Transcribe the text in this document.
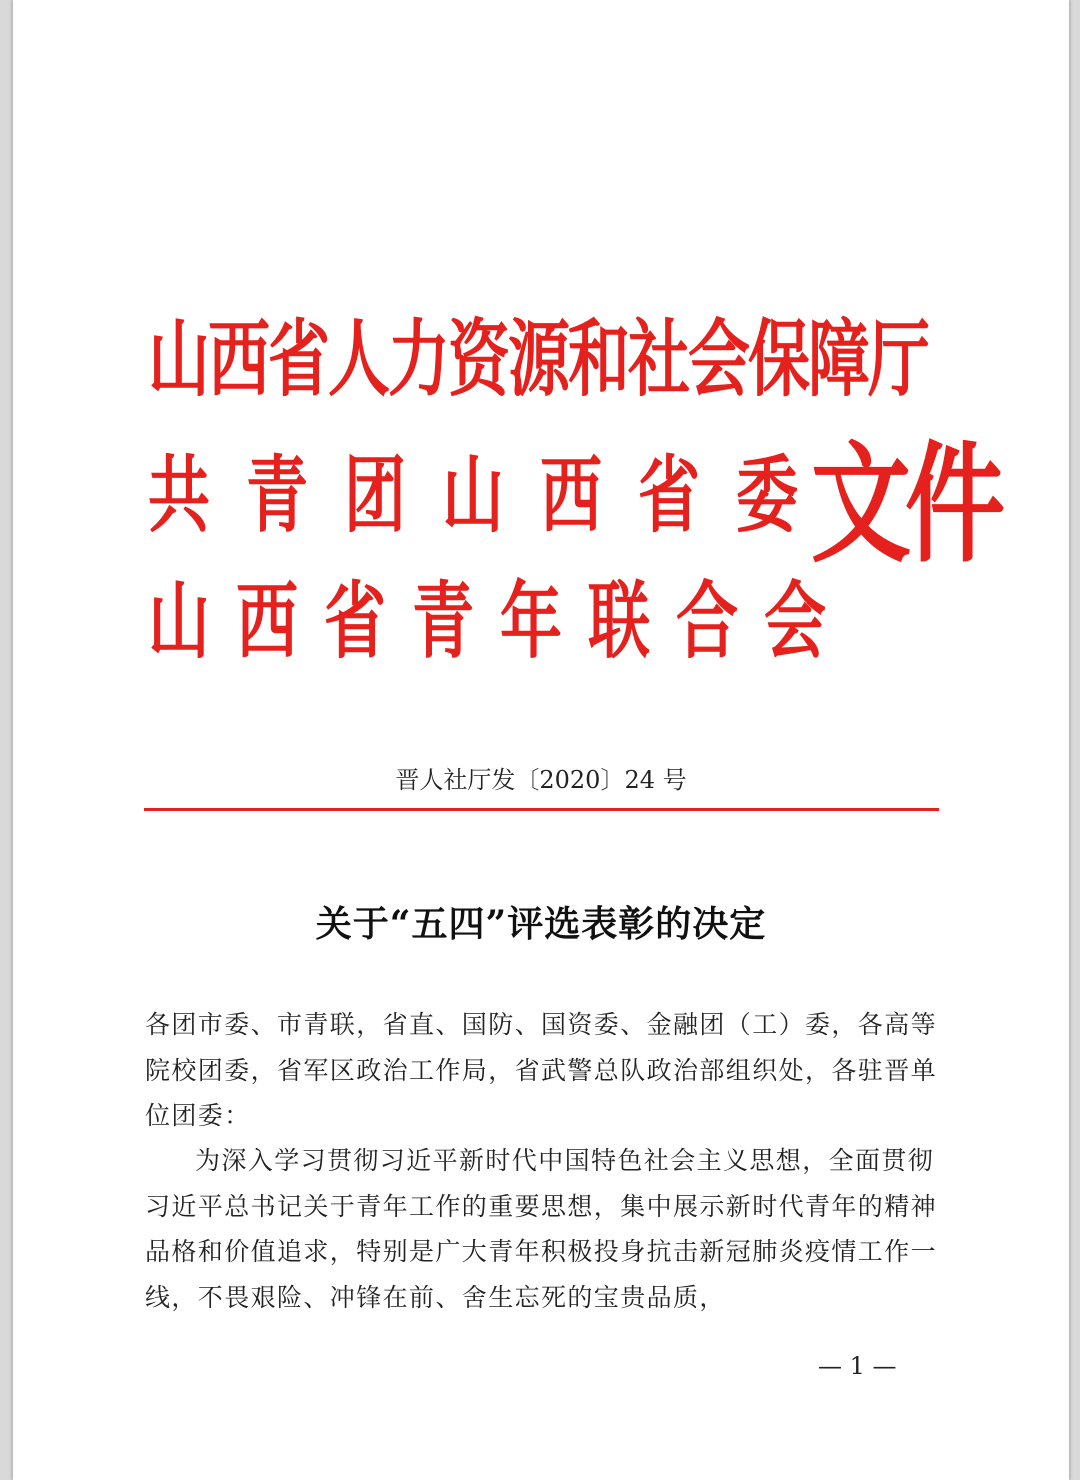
山西省人力资源和社会保障厅
共青团山西省委
山西省青年联合会
文件
晋人社厅发〔2020〕24 号
关于“五四”评选表彰的决定
各团市委、市青联，省直、国防、国资委、金融团（工）委，各高等院校团委，省军区政治工作局，省武警总队政治部组织处，各驻晋单位团委：
为深入学习贯彻习近平新时代中国特色社会主义思想，全面贯彻习近平总书记关于青年工作的重要思想，集中展示新时代青年的精神品格和价值追求，特别是广大青年积极投身抗击新冠肺炎疫情工作一线，不畏艰险、冲锋在前、舍生忘死的宝贵品质，
— 1 —
